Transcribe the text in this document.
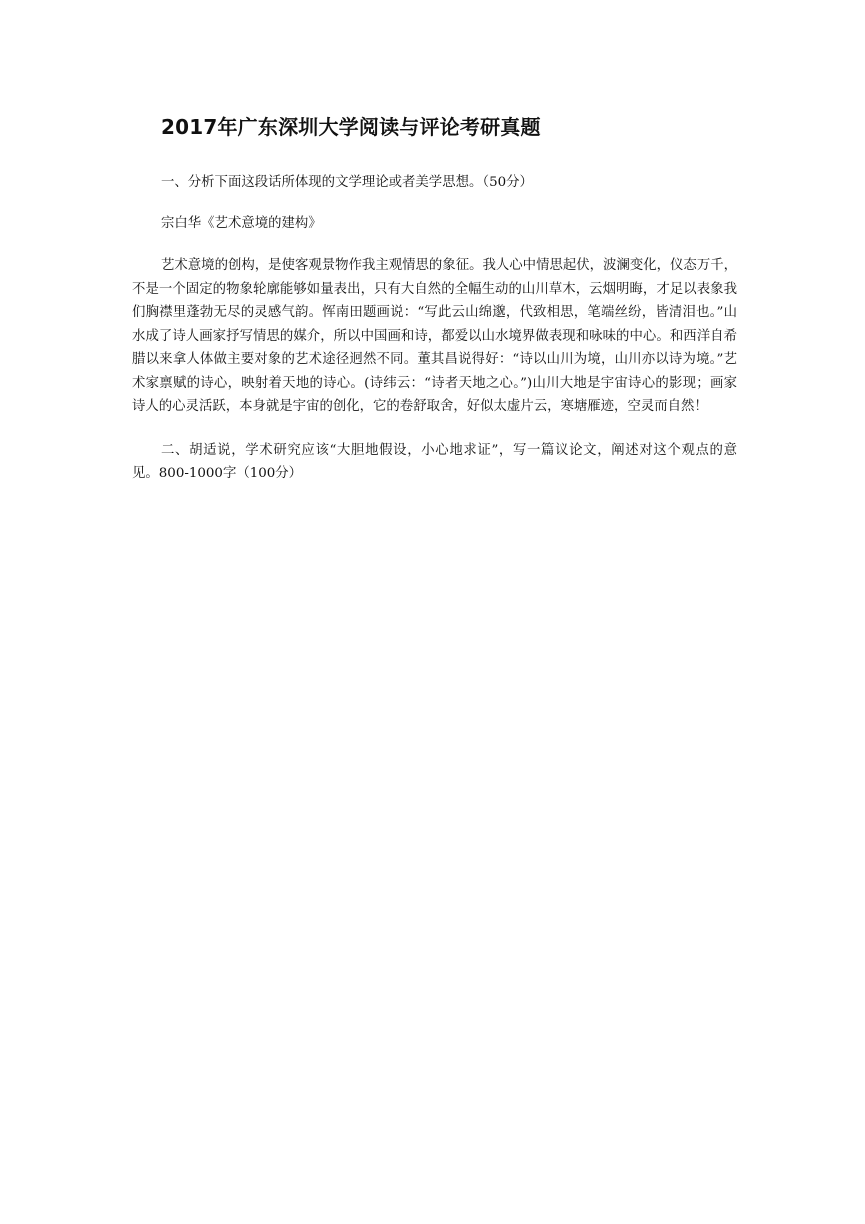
2017年广东深圳大学阅读与评论考研真题

一、分析下面这段话所体现的文学理论或者美学思想。（50分）

宗白华《艺术意境的建构》

艺术意境的创构，是使客观景物作我主观情思的象征。我人心中情思起伏，波澜变化，仪态万千，不是一个固定的物象轮廓能够如量表出，只有大自然的全幅生动的山川草木，云烟明晦，才足以表象我们胸襟里蓬勃无尽的灵感气韵。恽南田题画说：“写此云山绵邈，代致相思，笔端丝纷，皆清泪也。”山水成了诗人画家抒写情思的媒介，所以中国画和诗，都爱以山水境界做表现和咏味的中心。和西洋自希腊以来拿人体做主要对象的艺术途径迥然不同。董其昌说得好：“诗以山川为境，山川亦以诗为境。”艺术家禀赋的诗心，映射着天地的诗心。(诗纬云：“诗者天地之心。”)山川大地是宇宙诗心的影现；画家诗人的心灵活跃，本身就是宇宙的创化，它的卷舒取舍，好似太虚片云，寒塘雁迹，空灵而自然！

二、胡适说，学术研究应该“大胆地假设，小心地求证”，写一篇议论文，阐述对这个观点的意见。800-1000字（100分）
